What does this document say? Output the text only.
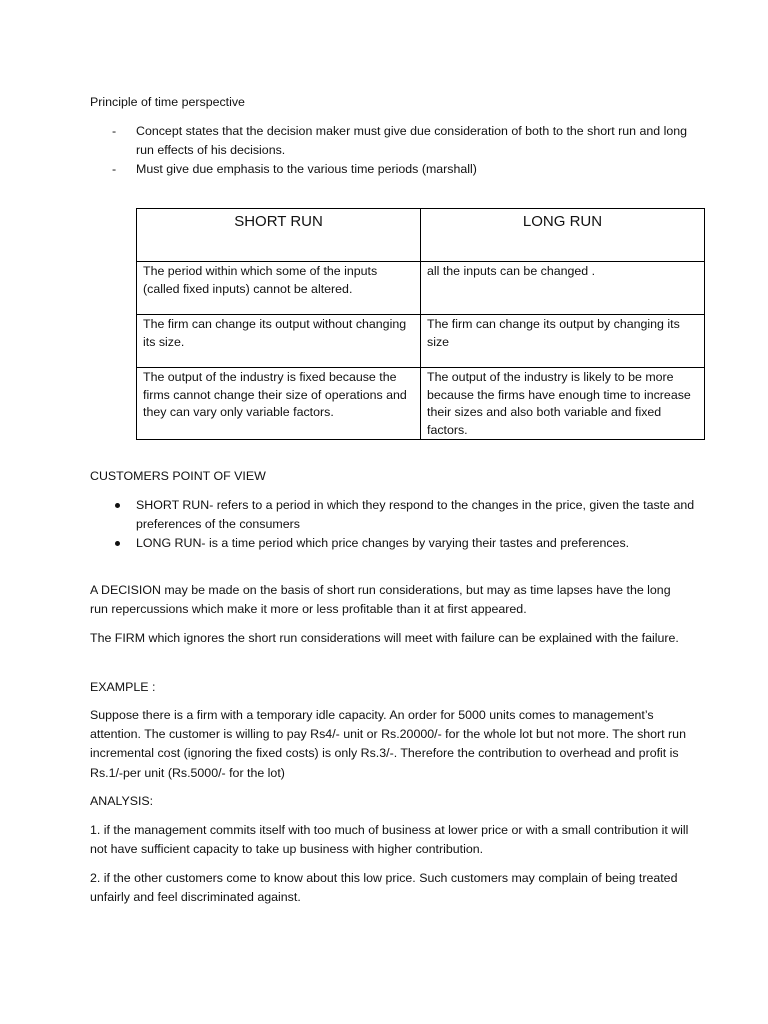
Principle of time perspective

- Concept states that the decision maker must give due consideration of both to the short run and long run effects of his decisions.
- Must give due emphasis to the various time periods (marshall)
SHORT RUN	LONG RUN
The period within which some of the inputs (called fixed inputs) cannot be altered.	all the inputs can be changed .
The firm can change its output without changing its size.	The firm can change its output by changing its size
The output of the industry is fixed because the firms cannot change their size of operations and they can vary only variable factors.	The output of the industry is likely to be more because the firms have enough time to increase their sizes and also both variable and fixed factors.

CUSTOMERS POINT OF VIEW

SHORT RUN- refers to a period in which they respond to the changes in the price, given the taste and preferences of the consumers
LONG RUN- is a time period which price changes by varying their tastes and preferences.

A DECISION may be made on the basis of short run considerations, but may as time lapses have the long run repercussions which make it more or less profitable than it at first appeared.

The FIRM which ignores the short run considerations will meet with failure can be explained with the failure.

EXAMPLE :

Suppose there is a firm with a temporary idle capacity. An order for 5000 units comes to management’s attention. The customer is willing to pay Rs4/- unit or Rs.20000/- for the whole lot but not more. The short run incremental cost (ignoring the fixed costs) is only Rs.3/-. Therefore the contribution to overhead and profit is Rs.1/-per unit (Rs.5000/- for the lot)

ANALYSIS:

1. if the management commits itself with too much of business at lower price or with a small contribution it will not have sufficient capacity to take up business with higher contribution.

2. if the other customers come to know about this low price. Such customers may complain of being treated unfairly and feel discriminated against.
